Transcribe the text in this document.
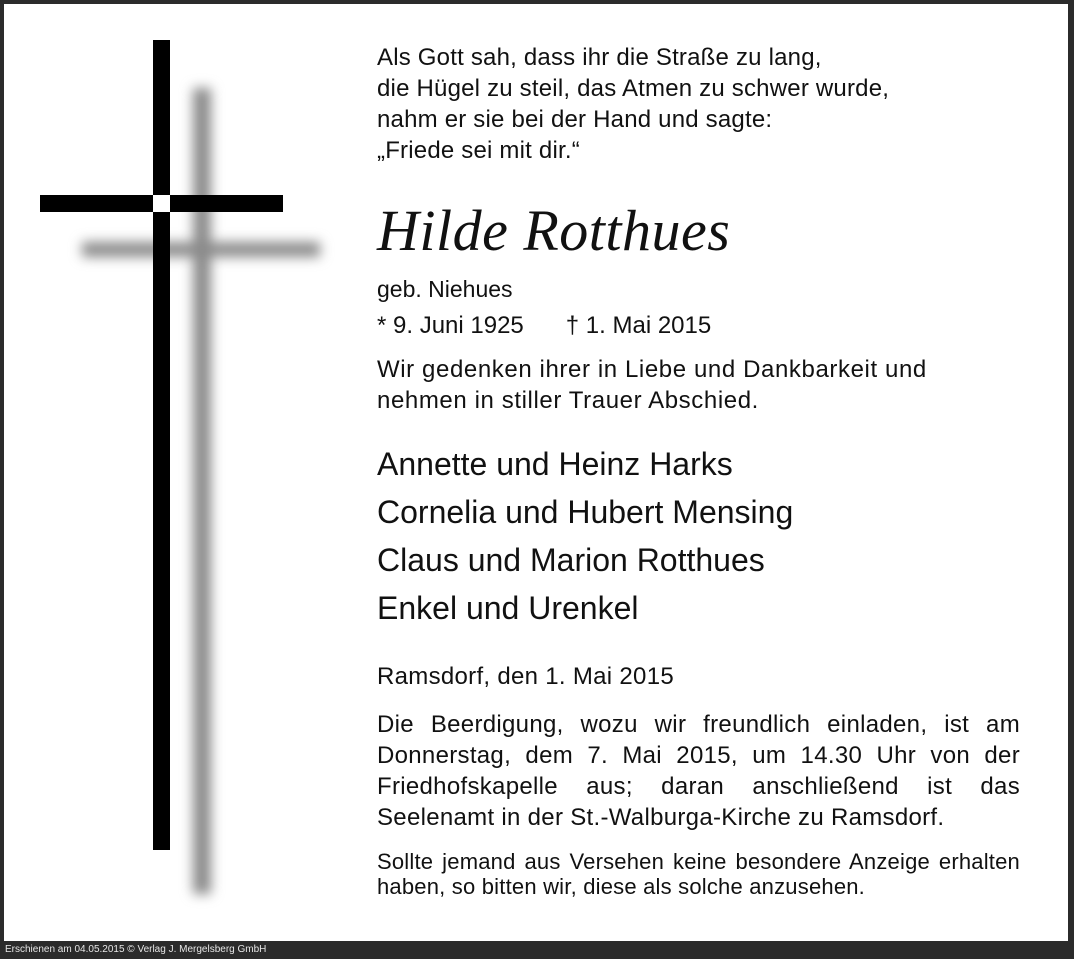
Als Gott sah, dass ihr die Straße zu lang,
die Hügel zu steil, das Atmen zu schwer wurde,
nahm er sie bei der Hand und sagte:
„Friede sei mit dir.“
Hilde Rotthues
geb. Niehues
* 9. Juni 1925 † 1. Mai 2015
Wir gedenken ihrer in Liebe und Dankbarkeit und
nehmen in stiller Trauer Abschied.
Annette und Heinz Harks
Cornelia und Hubert Mensing
Claus und Marion Rotthues
Enkel und Urenkel
Ramsdorf, den 1. Mai 2015
Die Beerdigung, wozu wir freundlich einladen, ist am Donnerstag, dem 7. Mai 2015, um 14.30 Uhr von der Friedhofskapelle aus; daran anschließend ist das Seelenamt in der St.-Walburga-Kirche zu Ramsdorf.
Sollte jemand aus Versehen keine besondere Anzeige erhalten haben, so bitten wir, diese als solche anzusehen.
Erschienen am 04.05.2015 © Verlag J. Mergelsberg GmbH
